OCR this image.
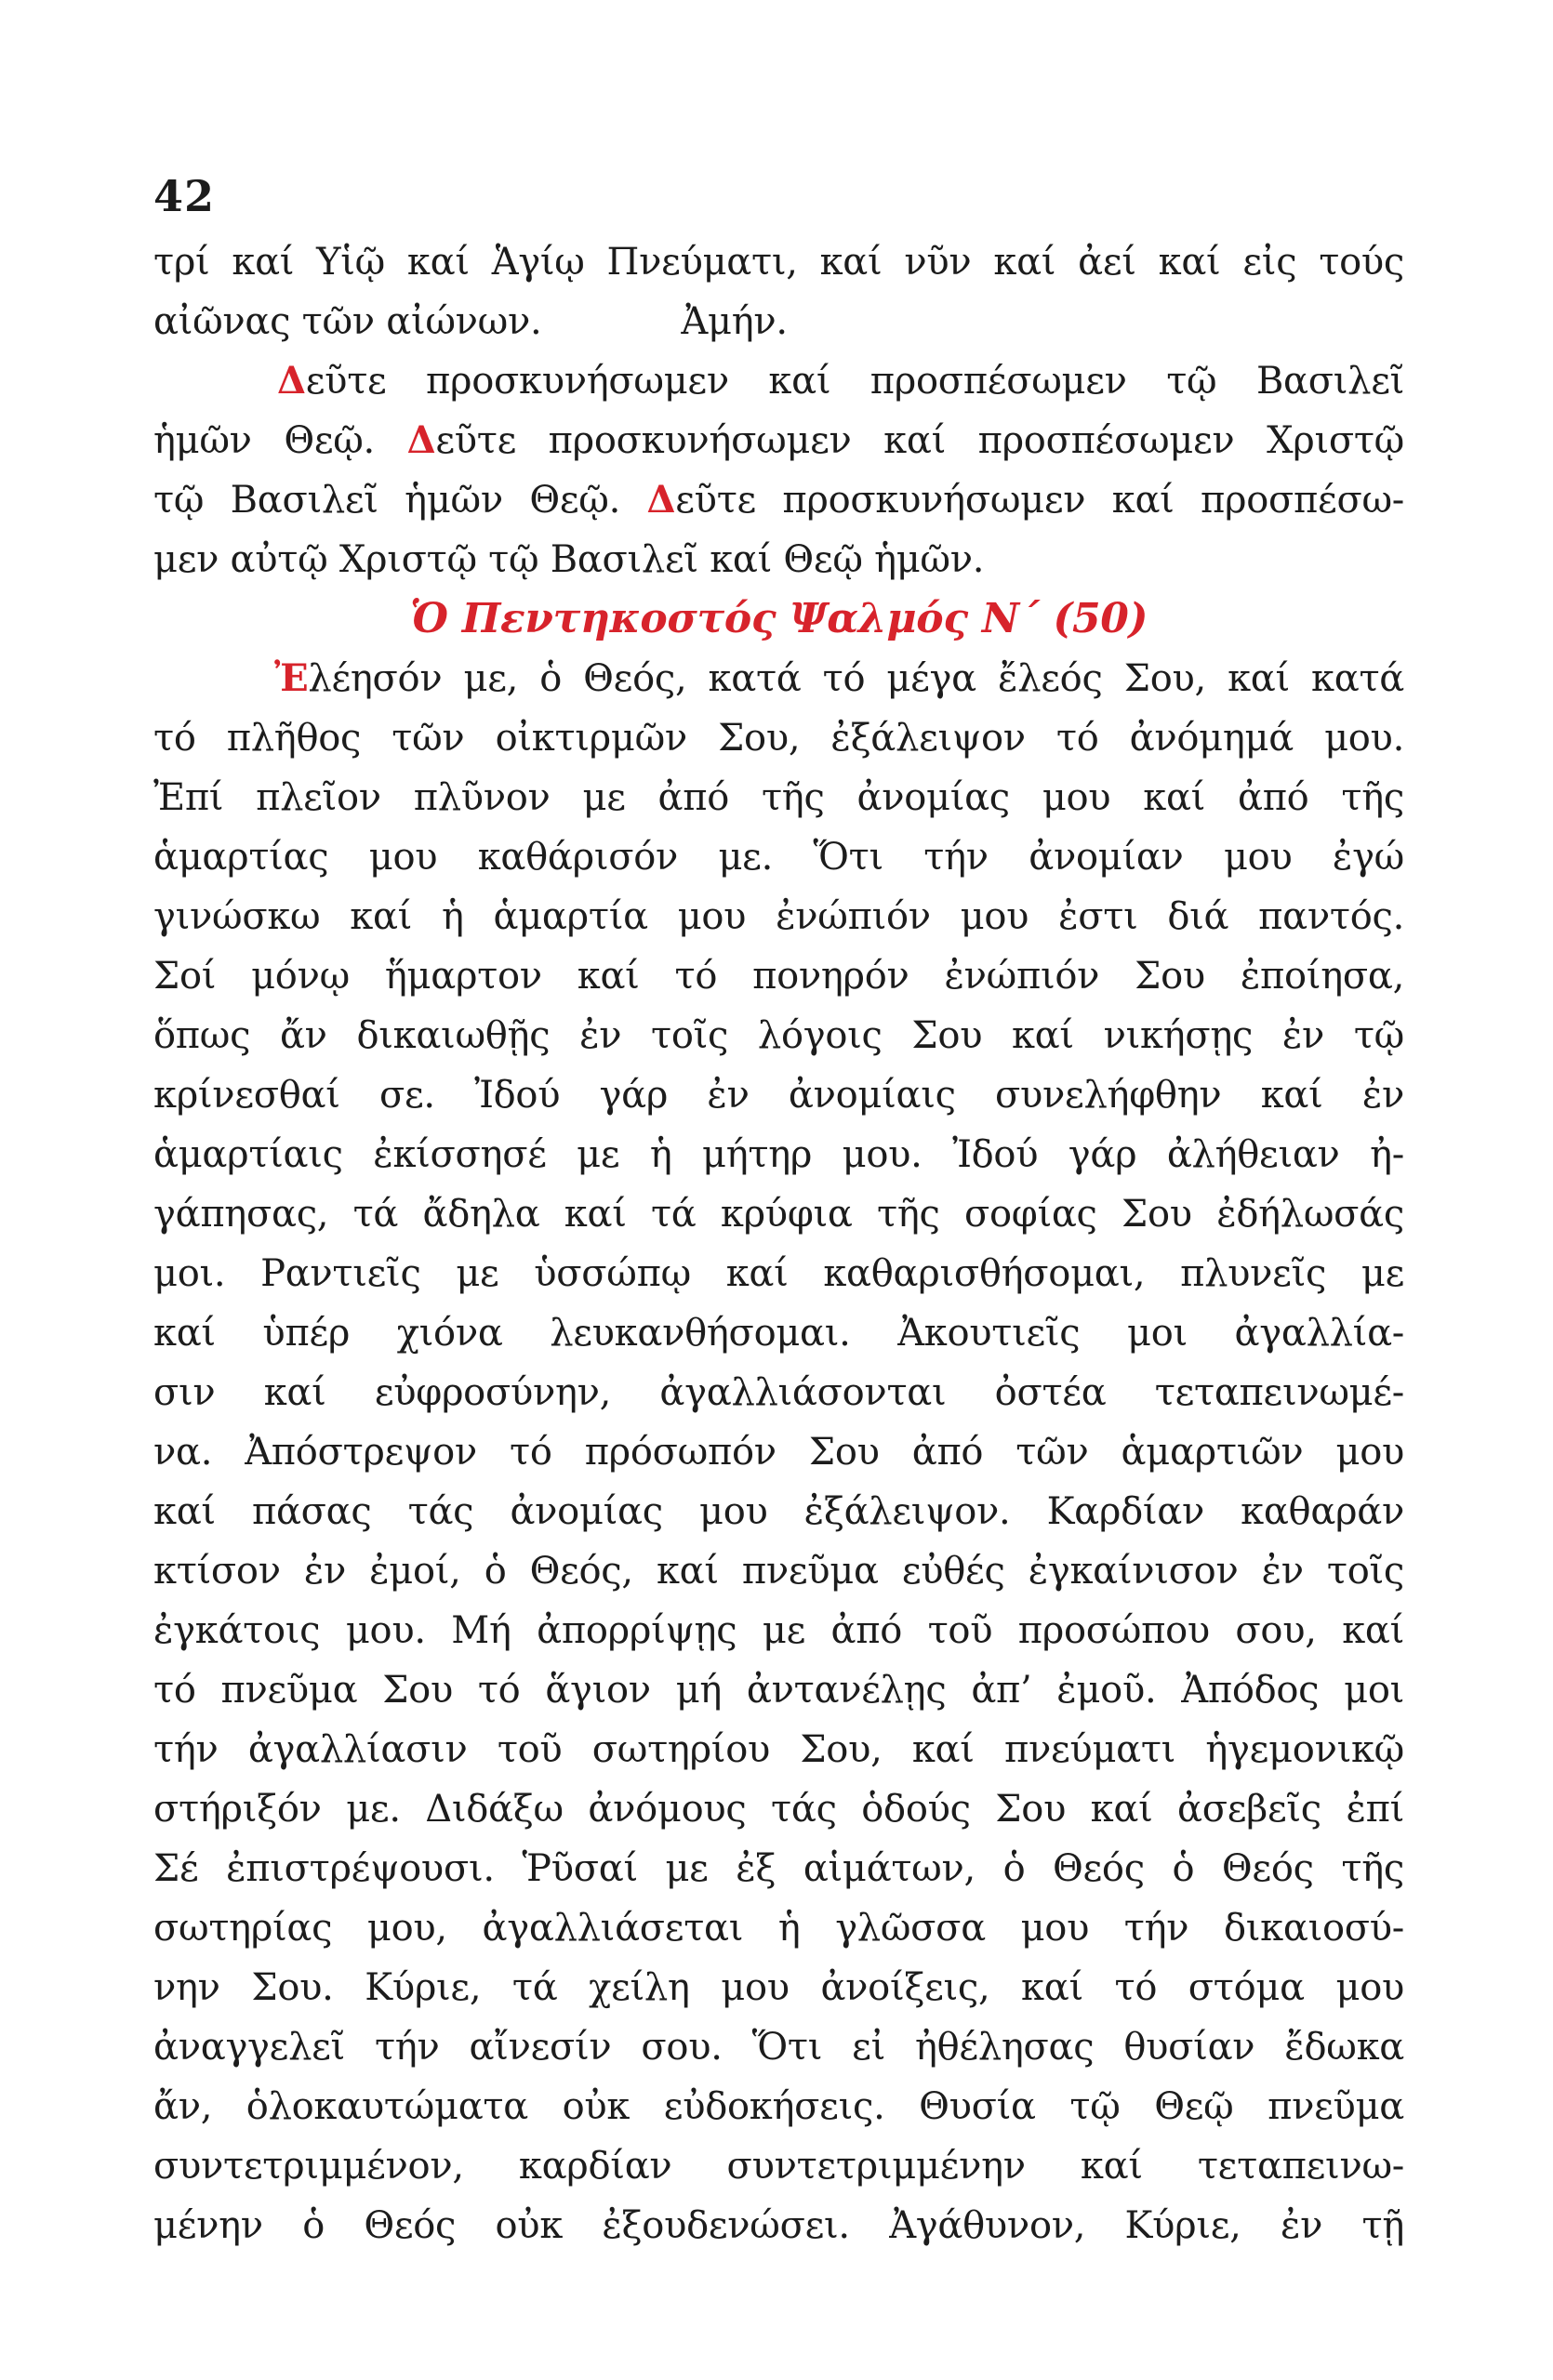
42
τρί καί Υἱῷ καί Ἁγίῳ Πνεύματι, καί νῦν καί ἀεί καί εἰς τούς
αἰῶνας τῶν αἰώνων.	Ἀμήν.
Δεῦτε προσκυνήσωμεν καί προσπέσωμεν τῷ Βασιλεῖ
ἡμῶν Θεῷ. Δεῦτε προσκυνήσωμεν καί προσπέσωμεν Χριστῷ
τῷ Βασιλεῖ ἡμῶν Θεῷ. Δεῦτε προσκυνήσωμεν καί προσπέσω-
μεν αὐτῷ Χριστῷ τῷ Βασιλεῖ καί Θεῷ ἡμῶν.
Ὁ Πεντηκοστός Ψαλμός Ν´ (50)
Ἐλέησόν με, ὁ Θεός, κατά τό μέγα ἔλεός Σου, καί κατά
τό πλῆθος τῶν οἰκτιρμῶν Σου, ἐξάλειψον τό ἀνόμημά μου.
Ἐπί πλεῖον πλῦνον με ἀπό τῆς ἀνομίας μου καί ἀπό τῆς
ἁμαρτίας μου καθάρισόν με. Ὅτι τήν ἀνομίαν μου ἐγώ
γινώσκω καί ἡ ἁμαρτία μου ἐνώπιόν μου ἐστι διά παντός.
Σοί μόνῳ ἥμαρτον καί τό πονηρόν ἐνώπιόν Σου ἐποίησα,
ὅπως ἄν δικαιωθῇς ἐν τοῖς λόγοις Σου καί νικήσῃς ἐν τῷ
κρίνεσθαί σε. Ἰδού γάρ ἐν ἀνομίαις συνελήφθην καί ἐν
ἁμαρτίαις ἐκίσσησέ με ἡ μήτηρ μου. Ἰδού γάρ ἀλήθειαν ἠ-
γάπησας, τά ἄδηλα καί τά κρύφια τῆς σοφίας Σου ἐδήλωσάς
μοι. Ραντιεῖς με ὑσσώπῳ καί καθαρισθήσομαι, πλυνεῖς με
καί ὑπέρ χιόνα λευκανθήσομαι. Ἀκουτιεῖς μοι ἀγαλλία-
σιν καί εὐφροσύνην, ἀγαλλιάσονται ὀστέα τεταπεινωμέ-
να. Ἀπόστρεψον τό πρόσωπόν Σου ἀπό τῶν ἁμαρτιῶν μου
καί πάσας τάς ἀνομίας μου ἐξάλειψον. Καρδίαν καθαράν
κτίσον ἐν ἐμοί, ὁ Θεός, καί πνεῦμα εὐθές ἐγκαίνισον ἐν τοῖς
ἐγκάτοις μου. Μή ἀπορρίψῃς με ἀπό τοῦ προσώπου σου, καί
τό πνεῦμα Σου τό ἅγιον μή ἀντανέλῃς ἀπ’ ἐμοῦ. Ἀπόδος μοι
τήν ἀγαλλίασιν τοῦ σωτηρίου Σου, καί πνεύματι ἡγεμονικῷ
στήριξόν με. Διδάξω ἀνόμους τάς ὁδούς Σου καί ἀσεβεῖς ἐπί
Σέ ἐπιστρέψουσι. Ῥῦσαί με ἐξ αἱμάτων, ὁ Θεός ὁ Θεός τῆς
σωτηρίας μου, ἀγαλλιάσεται ἡ γλῶσσα μου τήν δικαιοσύ-
νην Σου. Κύριε, τά χείλη μου ἀνοίξεις, καί τό στόμα μου
ἀναγγελεῖ τήν αἴνεσίν σου. Ὅτι εἰ ἠθέλησας θυσίαν ἔδωκα
ἄν, ὁλοκαυτώματα οὐκ εὐδοκήσεις. Θυσία τῷ Θεῷ πνεῦμα
συντετριμμένον, καρδίαν συντετριμμένην καί τεταπεινω-
μένην ὁ Θεός οὐκ ἐξουδενώσει. Ἀγάθυνον, Κύριε, ἐν τῇ
